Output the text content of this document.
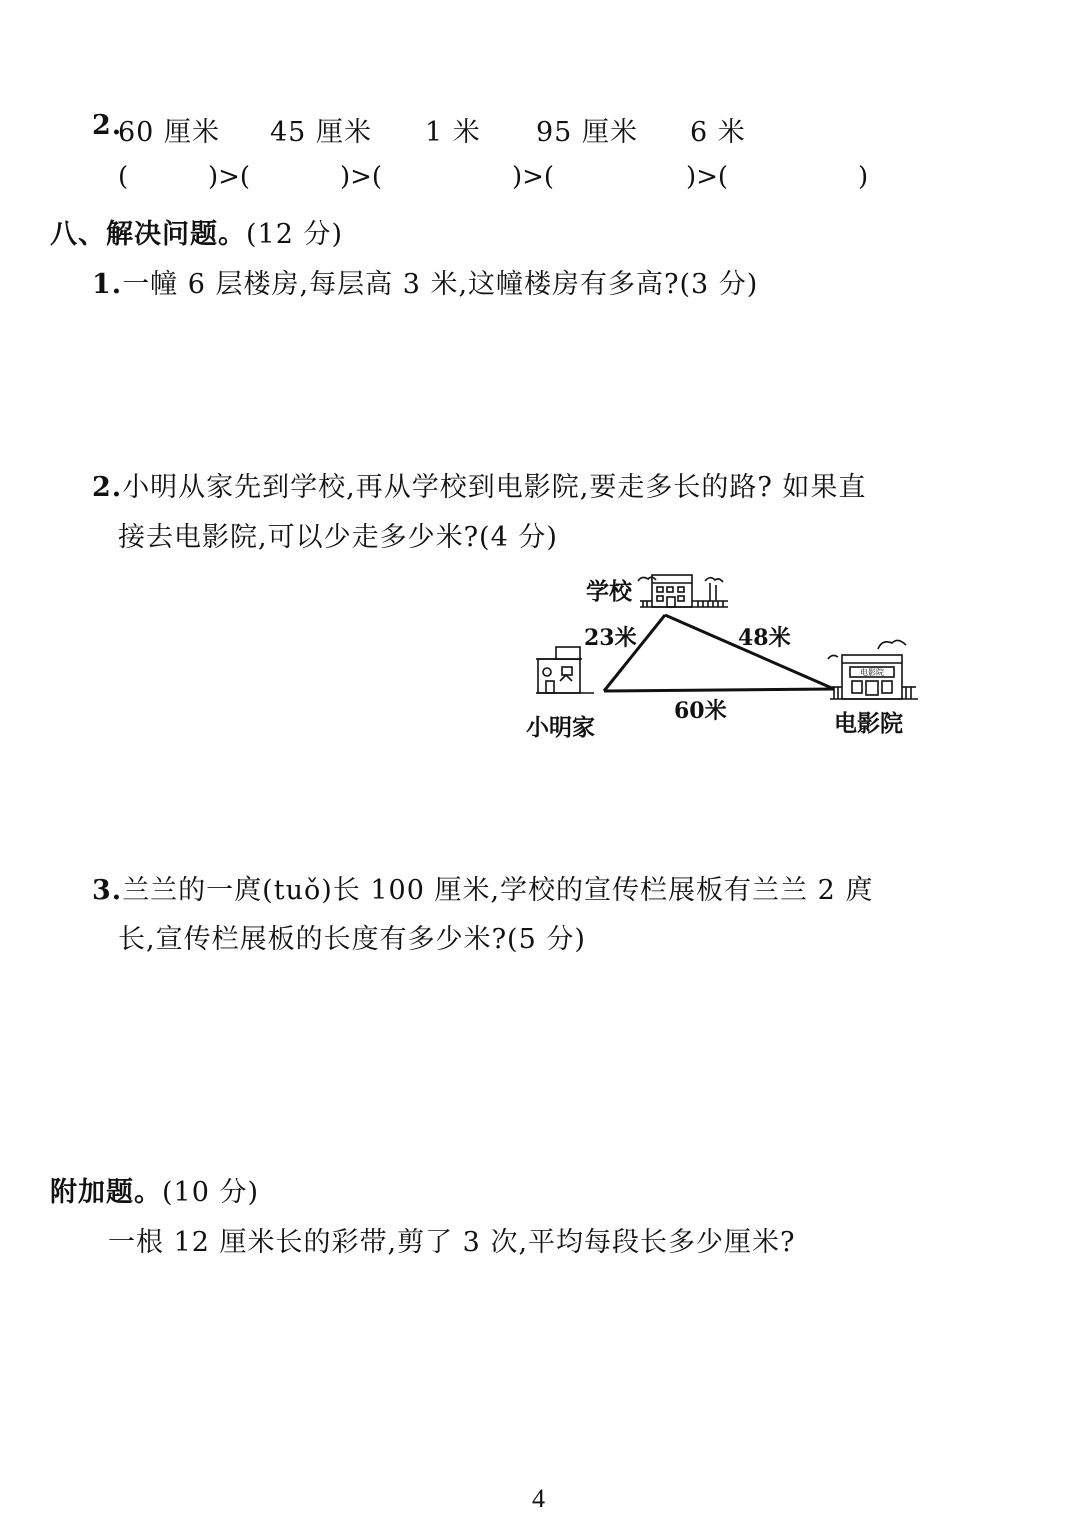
2.
60 厘米 45 厘米 1 米 95 厘米 6 米
(	)>(	)>(	)>(	)>(	)
八、解决问题。(12 分)
1.一幢 6 层楼房,每层高 3 米,这幢楼房有多高?(3 分)
2.小明从家先到学校,再从学校到电影院,要走多长的路? 如果直
接去电影院,可以少走多少米?(4 分)
电影院
学校
小明家	电影院
23米	48米
60米
3.兰兰的一庹(tuǒ)长 100 厘米,学校的宣传栏展板有兰兰 2 庹
长,宣传栏展板的长度有多少米?(5 分)
附加题。(10 分)
一根 12 厘米长的彩带,剪了 3 次,平均每段长多少厘米?
4
